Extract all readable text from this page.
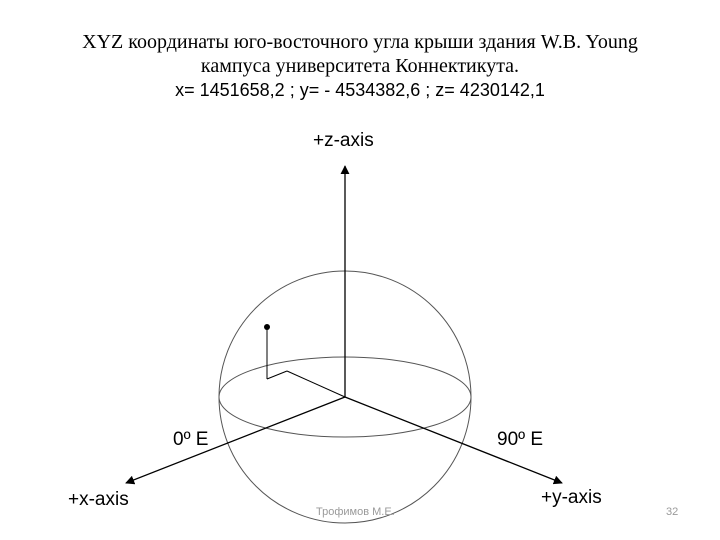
XYZ координаты юго-восточного угла крыши здания W.B. Young
кампуса университета Коннектикута.
x= 1451658,2 ; y= - 4534382,6 ; z= 4230142,1
+z-axis
+x-axis	+y-axis
0º E	90º E
Трофимов М.Е.	32
